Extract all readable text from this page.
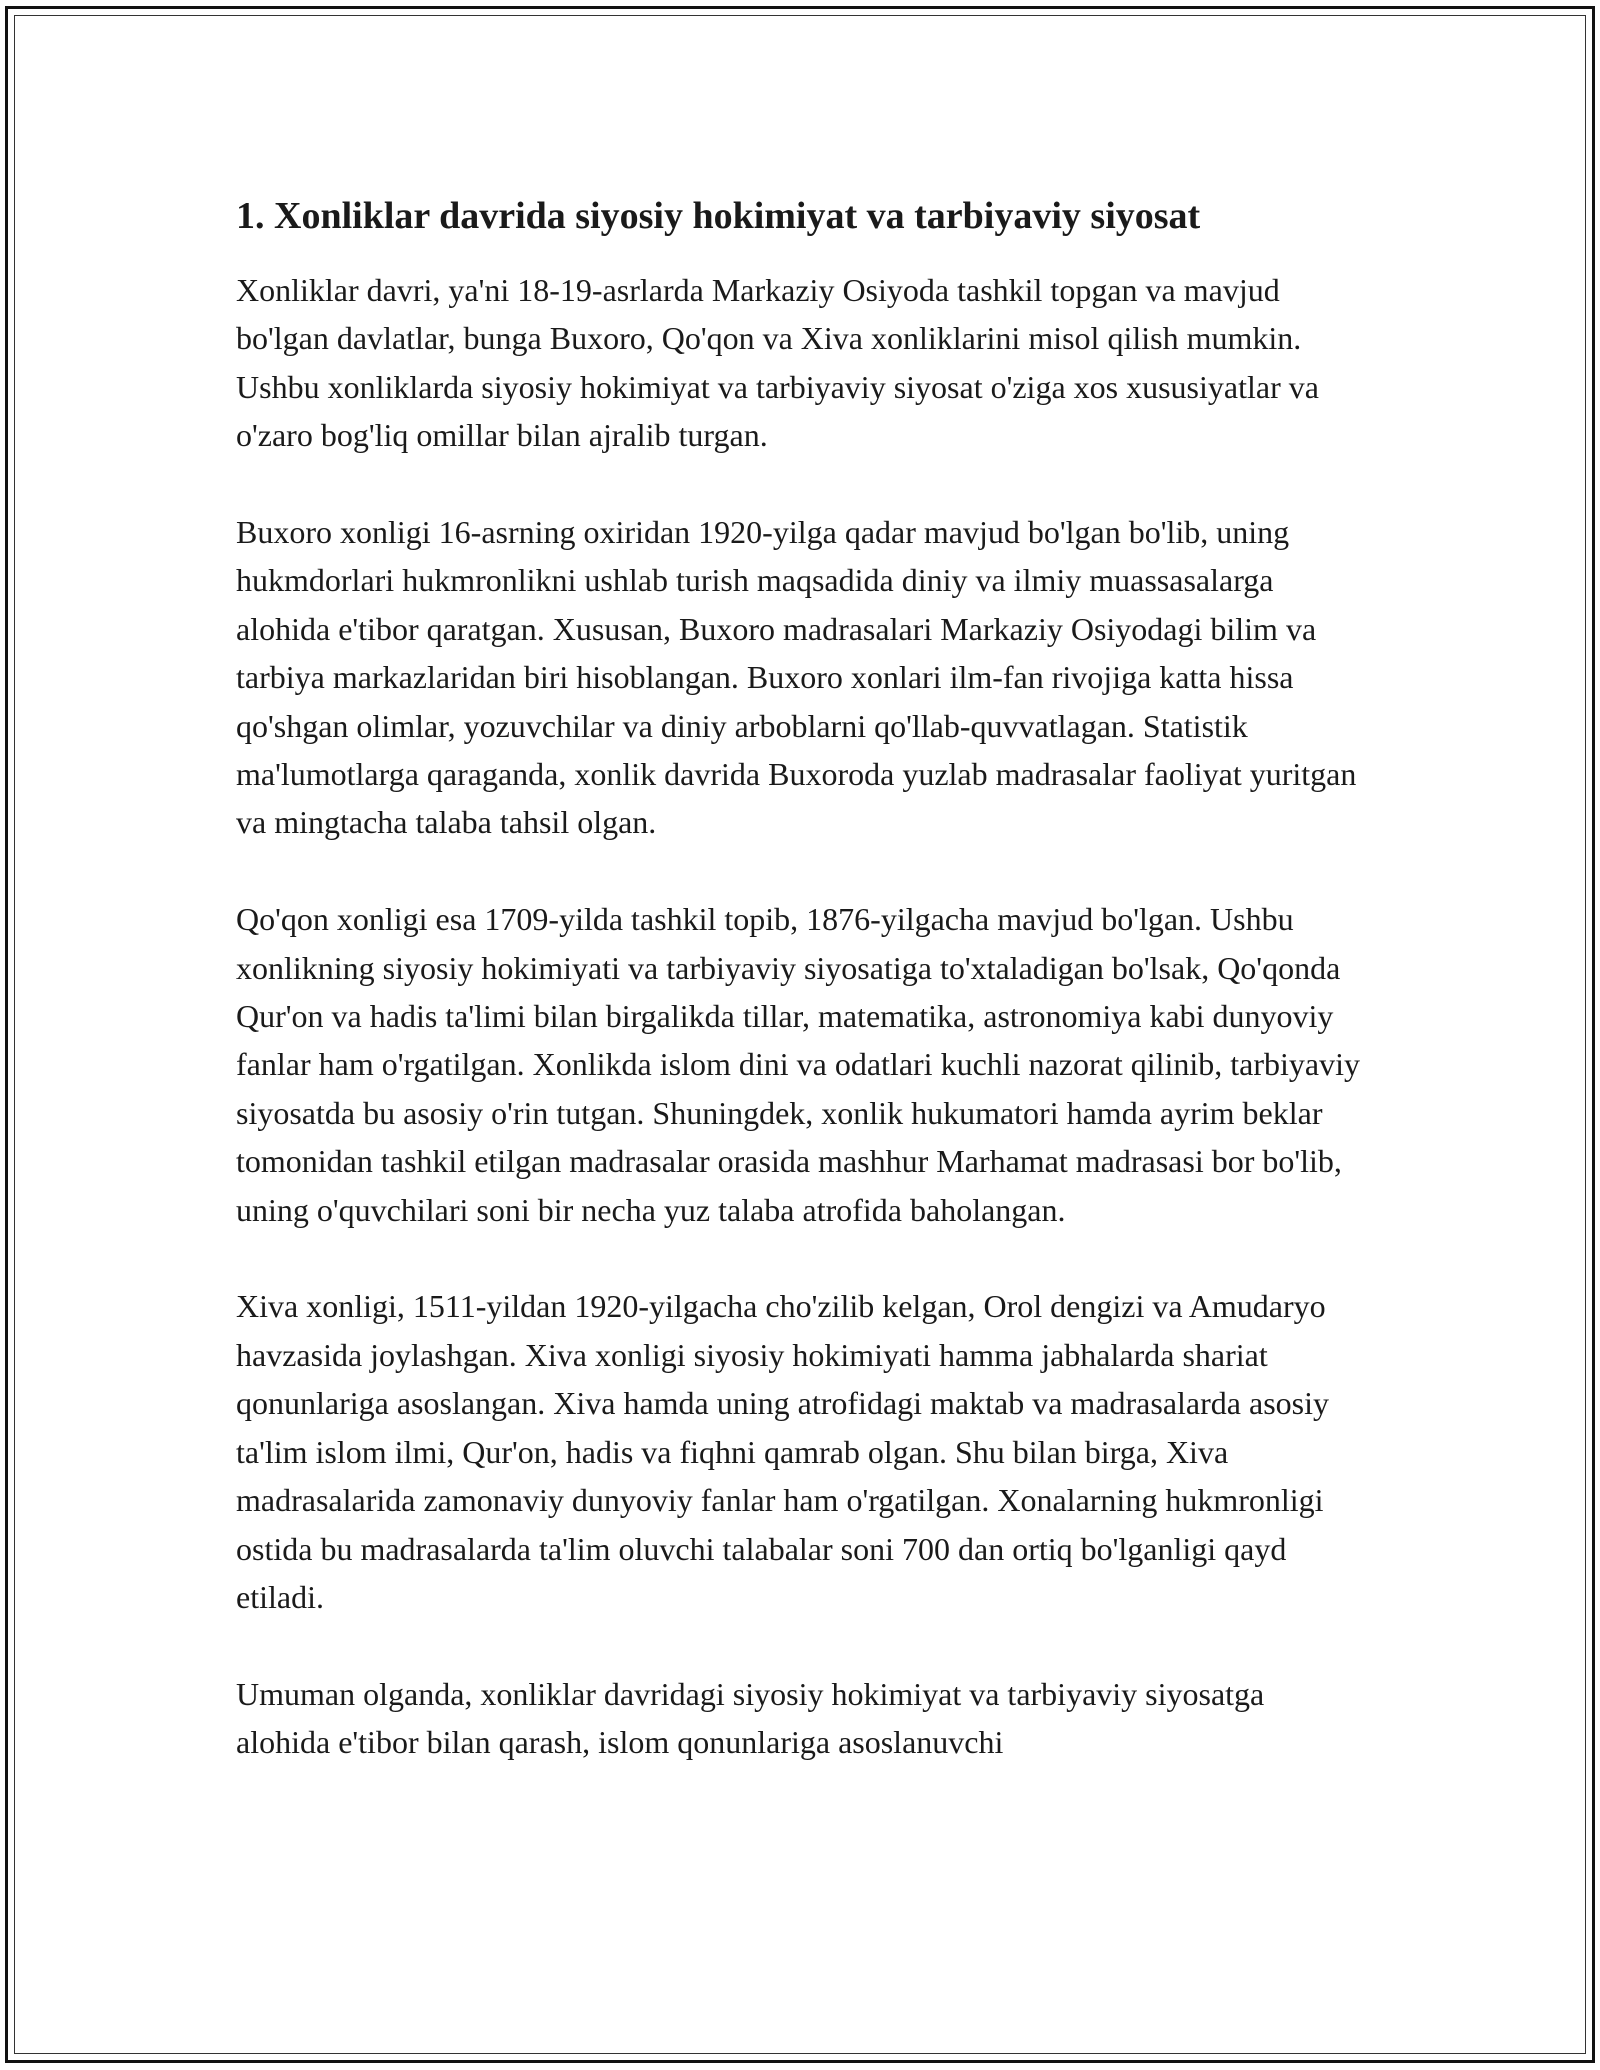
1. Xonliklar davrida siyosiy hokimiyat va tarbiyaviy siyosat

Xonliklar davri, ya'ni 18-19-asrlarda Markaziy Osiyoda tashkil topgan va mavjud bo'lgan davlatlar, bunga Buxoro, Qo'qon va Xiva xonliklarini misol qilish mumkin. Ushbu xonliklarda siyosiy hokimiyat va tarbiyaviy siyosat o'ziga xos xususiyatlar va o'zaro bog'liq omillar bilan ajralib turgan.

Buxoro xonligi 16-asrning oxiridan 1920-yilga qadar mavjud bo'lgan bo'lib, uning hukmdorlari hukmronlikni ushlab turish maqsadida diniy va ilmiy muassasalarga alohida e'tibor qaratgan. Xususan, Buxoro madrasalari Markaziy Osiyodagi bilim va tarbiya markazlaridan biri hisoblangan. Buxoro xonlari ilm-fan rivojiga katta hissa qo'shgan olimlar, yozuvchilar va diniy arboblarni qo'llab-quvvatlagan. Statistik ma'lumotlarga qaraganda, xonlik davrida Buxoroda yuzlab madrasalar faoliyat yuritgan va mingtacha talaba tahsil olgan.

Qo'qon xonligi esa 1709-yilda tashkil topib, 1876-yilgacha mavjud bo'lgan. Ushbu xonlikning siyosiy hokimiyati va tarbiyaviy siyosatiga to'xtaladigan bo'lsak, Qo'qonda Qur'on va hadis ta'limi bilan birgalikda tillar, matematika, astronomiya kabi dunyoviy fanlar ham o'rgatilgan. Xonlikda islom dini va odatlari kuchli nazorat qilinib, tarbiyaviy siyosatda bu asosiy o'rin tutgan. Shuningdek, xonlik hukumatori hamda ayrim beklar tomonidan tashkil etilgan madrasalar orasida mashhur Marhamat madrasasi bor bo'lib, uning o'quvchilari soni bir necha yuz talaba atrofida baholangan.

Xiva xonligi, 1511-yildan 1920-yilgacha cho'zilib kelgan, Orol dengizi va Amudaryo havzasida joylashgan. Xiva xonligi siyosiy hokimiyati hamma jabhalarda shariat qonunlariga asoslangan. Xiva hamda uning atrofidagi maktab va madrasalarda asosiy ta'lim islom ilmi, Qur'on, hadis va fiqhni qamrab olgan. Shu bilan birga, Xiva madrasalarida zamonaviy dunyoviy fanlar ham o'rgatilgan. Xonalarning hukmronligi ostida bu madrasalarda ta'lim oluvchi talabalar soni 700 dan ortiq bo'lganligi qayd etiladi.

Umuman olganda, xonliklar davridagi siyosiy hokimiyat va tarbiyaviy siyosatga alohida e'tibor bilan qarash, islom qonunlariga asoslanuvchi
